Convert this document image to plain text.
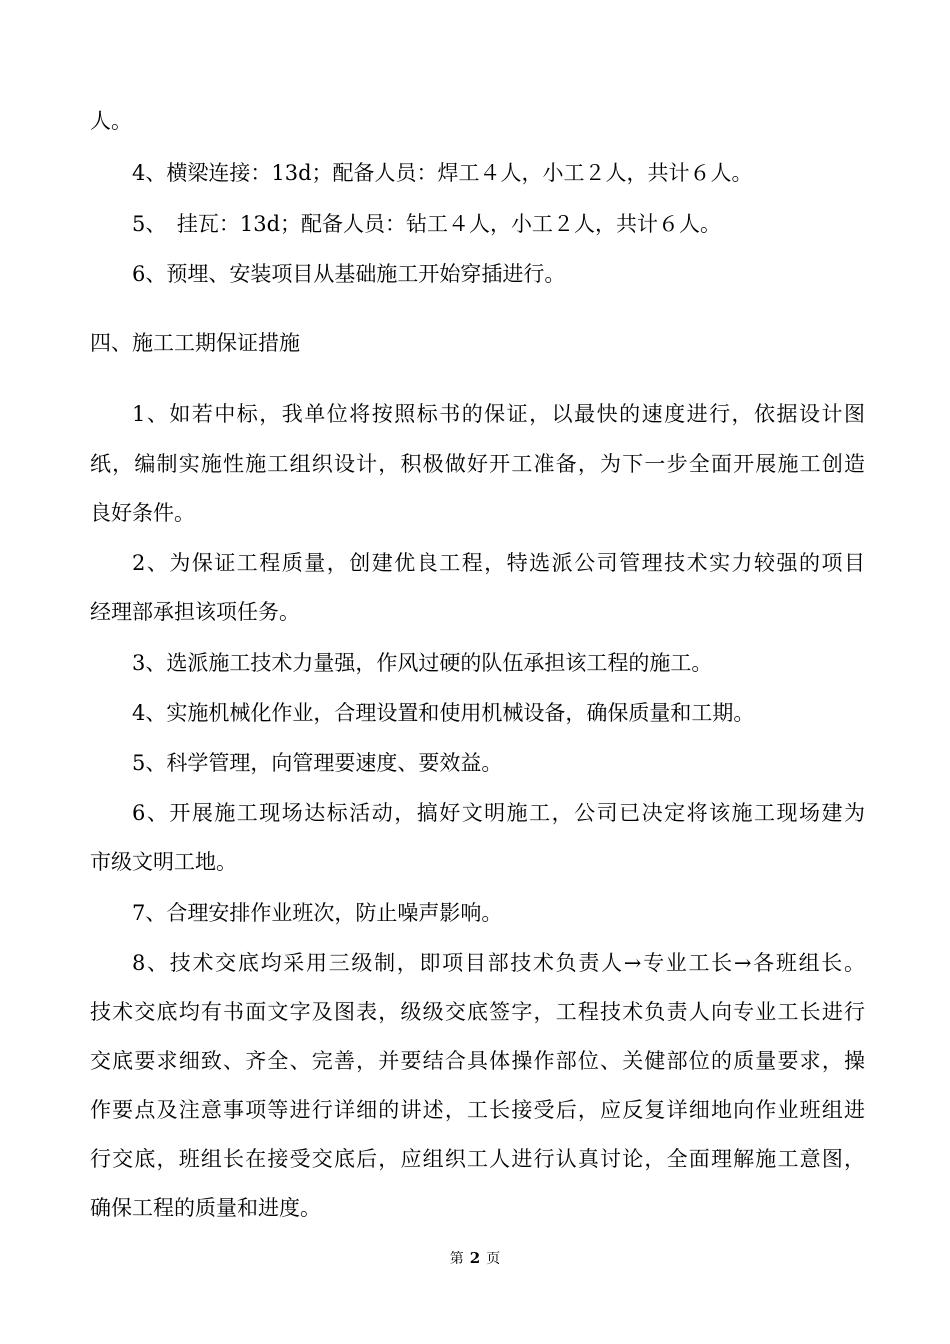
人。
4、横梁连接：13d；配备人员：焊工４人，小工２人，共计６人。
5、　挂瓦：13d；配备人员：钻工４人，小工２人，共计６人。
6、预埋、安装项目从基础施工开始穿插进行。
四、施工工期保证措施
1、如若中标，我单位将按照标书的保证，以最快的速度进行，依据设计图
纸，编制实施性施工组织设计，积极做好开工准备，为下一步全面开展施工创造
良好条件。
2、为保证工程质量，创建优良工程，特选派公司管理技术实力较强的项目
经理部承担该项任务。
3、选派施工技术力量强，作风过硬的队伍承担该工程的施工。
4、实施机械化作业，合理设置和使用机械设备，确保质量和工期。
5、科学管理，向管理要速度、要效益。
6、开展施工现场达标活动，搞好文明施工，公司已决定将该施工现场建为
市级文明工地。
7、合理安排作业班次，防止噪声影响。
8、技术交底均采用三级制，即项目部技术负责人→专业工长→各班组长。
技术交底均有书面文字及图表，级级交底签字，工程技术负责人向专业工长进行
交底要求细致、齐全、完善，并要结合具体操作部位、关健部位的质量要求，操
作要点及注意事项等进行详细的讲述，工长接受后，应反复详细地向作业班组进
行交底，班组长在接受交底后，应组织工人进行认真讨论，全面理解施工意图，
确保工程的质量和进度。
第 2 页
